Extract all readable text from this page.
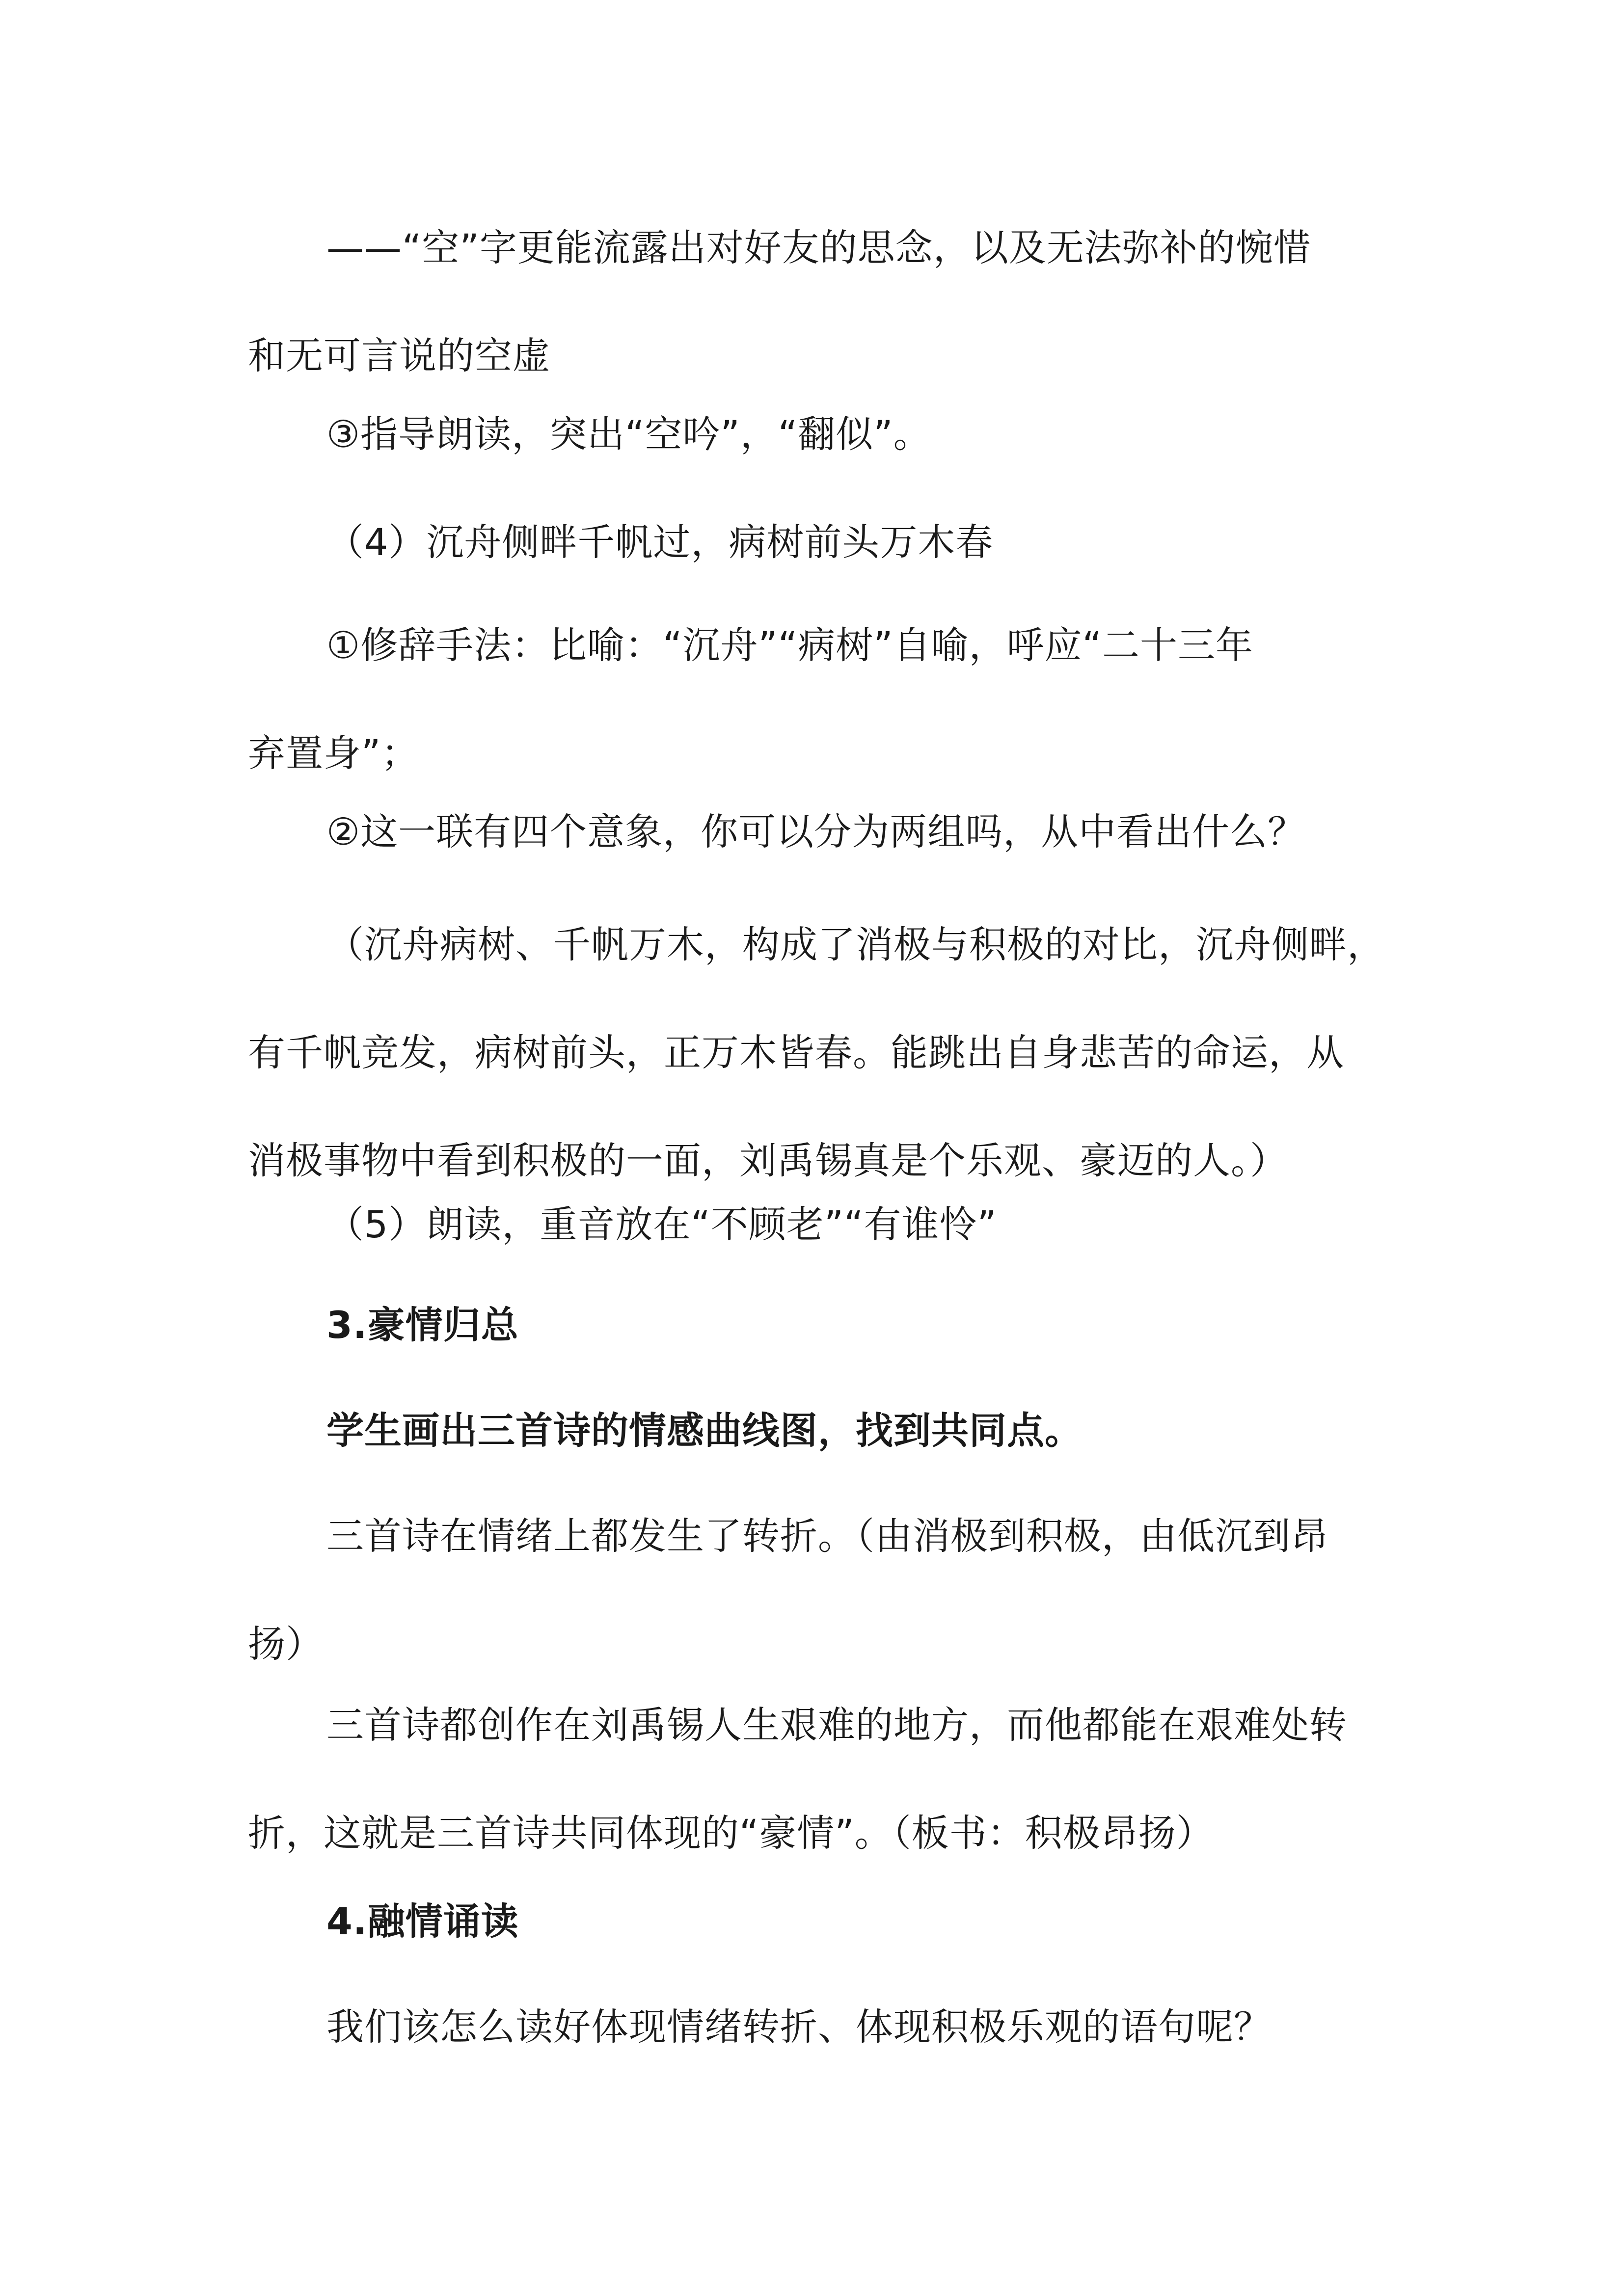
——“空”字更能流露出对好友的思念，以及无法弥补的惋惜
和无可言说的空虚

③指导朗读，突出“空吟”，“翻似”。

（4）沉舟侧畔千帆过，病树前头万木春

①修辞手法：比喻：“沉舟”“病树”自喻，呼应“二十三年
弃置身”；

②这一联有四个意象，你可以分为两组吗，从中看出什么？

（沉舟病树、千帆万木，构成了消极与积极的对比，沉舟侧畔，
有千帆竞发，病树前头，正万木皆春。能跳出自身悲苦的命运，从
消极事物中看到积极的一面，刘禹锡真是个乐观、豪迈的人。）

（5）朗读，重音放在“不顾老”“有谁怜”

3.豪情归总

学生画出三首诗的情感曲线图，找到共同点。

三首诗在情绪上都发生了转折。（由消极到积极，由低沉到昂
扬）

三首诗都创作在刘禹锡人生艰难的地方，而他都能在艰难处转
折，这就是三首诗共同体现的“豪情”。（板书：积极昂扬）

4.融情诵读

我们该怎么读好体现情绪转折、体现积极乐观的语句呢？
